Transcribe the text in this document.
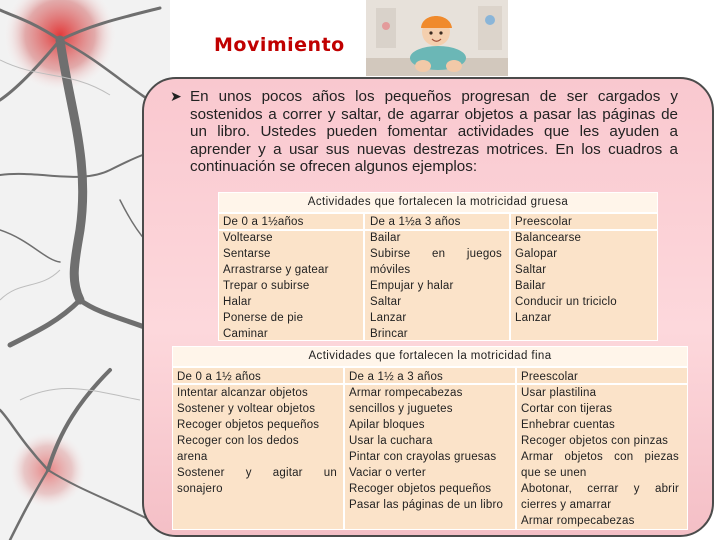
Movimiento
➤ En unos pocos años los pequeños progresan de ser cargados y sostenidos a correr y saltar, de agarrar objetos a pasar las páginas de un libro. Ustedes pueden fomentar actividades que les ayuden a aprender y a usar sus nuevas destrezas motrices. En los cuadros a continuación se ofrecen algunos ejemplos:

Actividades que fortalecen la motricidad gruesa
De 0 a 1½años
Voltearse
Sentarse
Arrastrarse y gatear
Trepar o subirse
Halar
Ponerse de pie
Caminar
De a 1½a 3 años
Bailar
Subirse en juegos
móviles
Empujar y halar
Saltar
Lanzar
Brincar
Preescolar
Balancearse
Galopar
Saltar
Bailar
Conducir un triciclo
Lanzar
Actividades que fortalecen la motricidad fina
De 0 a 1½ años
Intentar alcanzar objetos
Sostener y voltear objetos
Recoger objetos pequeños
Recoger con los dedos
arena
Sostener y agitar un
sonajero
De a 1½ a 3 años
Armar rompecabezas
sencillos y juguetes
Apilar bloques
Usar la cuchara
Pintar con crayolas gruesas
Vaciar o verter
Recoger objetos pequeños
Pasar las páginas de un libro
Preescolar
Usar plastilina
Cortar con tijeras
Enhebrar cuentas
Recoger objetos con pinzas
Armar objetos con piezas
que se unen
Abotonar, cerrar y abrir
cierres y amarrar
Armar rompecabezas
